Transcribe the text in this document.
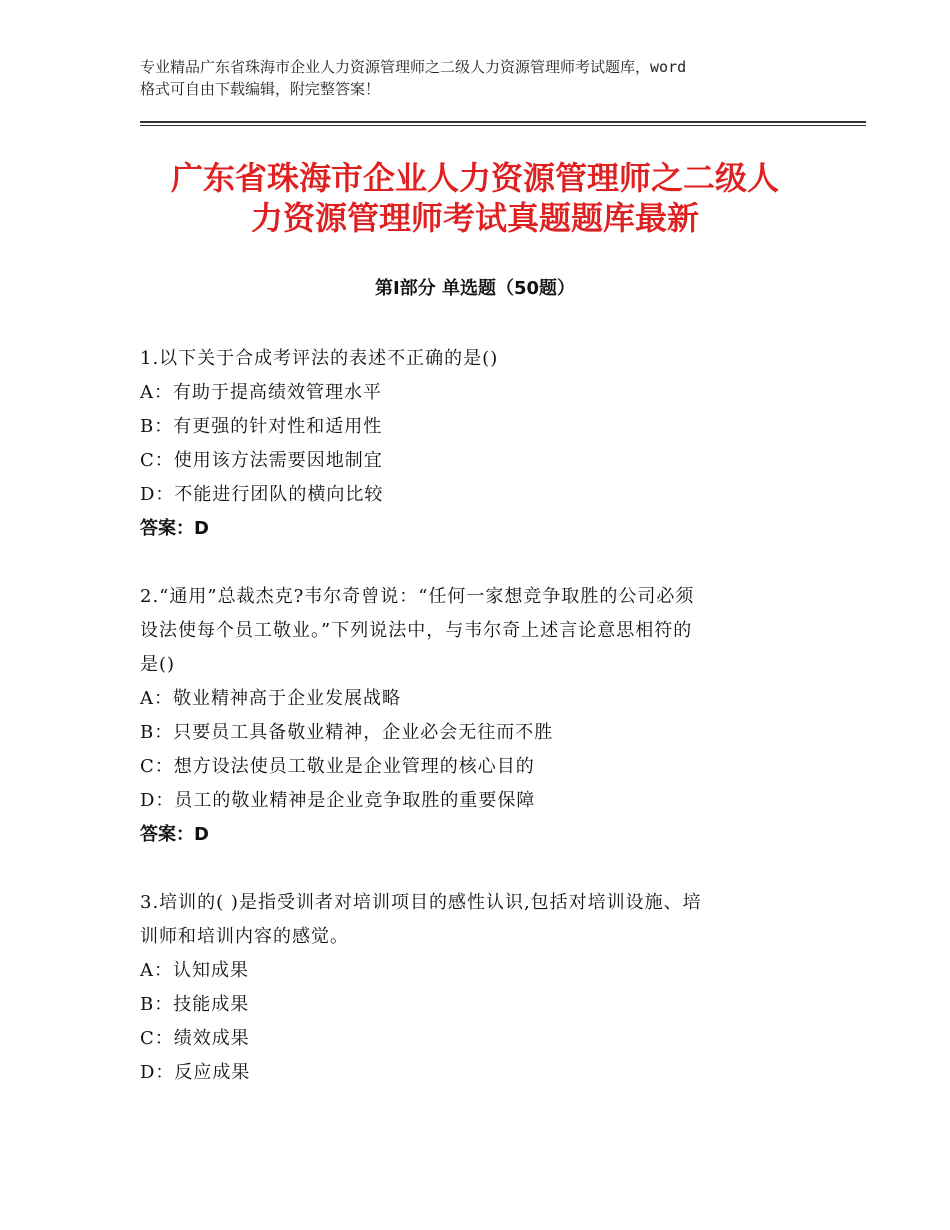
专业精品广东省珠海市企业人力资源管理师之二级人力资源管理师考试题库，word
格式可自由下载编辑，附完整答案！
广东省珠海市企业人力资源管理师之二级人
力资源管理师考试真题题库最新
第Ⅰ部分 单选题（50题）
1.以下关于合成考评法的表述不正确的是()
A：有助于提高绩效管理水平
B：有更强的针对性和适用性
C：使用该方法需要因地制宜
D：不能进行团队的横向比较
答案：D
2.“通用”总裁杰克?韦尔奇曾说：“任何一家想竞争取胜的公司必须
设法使每个员工敬业。”下列说法中，与韦尔奇上述言论意思相符的
是()
A：敬业精神高于企业发展战略
B：只要员工具备敬业精神，企业必会无往而不胜
C：想方设法使员工敬业是企业管理的核心目的
D：员工的敬业精神是企业竞争取胜的重要保障
答案：D
3.培训的( )是指受训者对培训项目的感性认识,包括对培训设施、培
训师和培训内容的感觉。
A：认知成果
B：技能成果
C：绩效成果
D：反应成果
